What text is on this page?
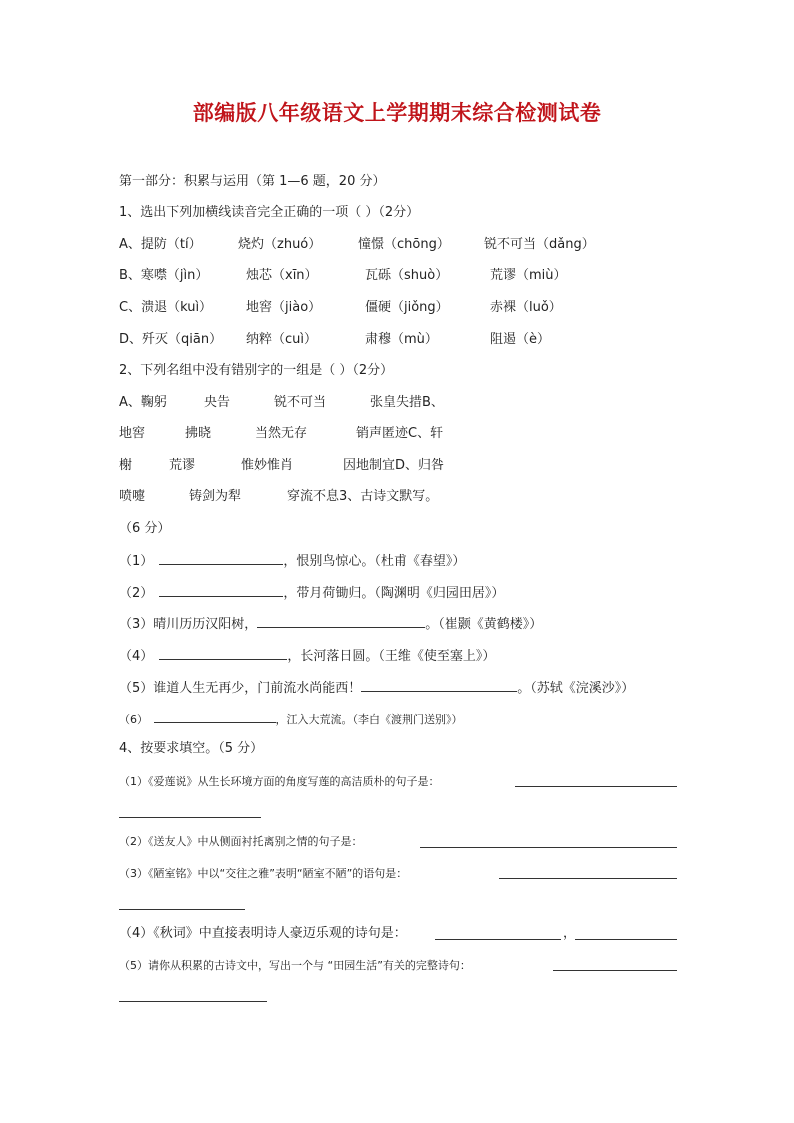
部编版八年级语文上学期期末综合检测试卷
第一部分：积累与运用（第 1—6 题，20 分）
1、选出下列加横线读音完全正确的一项（ ）（2分）
A、提防（tí）	烧灼（zhuó）	憧憬（chōng）	锐不可当（dǎng）
B、寒噤（jìn）	烛芯（xīn）	瓦砾（shuò）	荒谬（miù）
C、溃退（kuì）	地窖（jiào）	僵硬（jiǒng）	赤裸（luǒ）
D、歼灭（qiān） 纳粹（cuì）	肃穆（mù）	阻遏（è）
2、下列名组中没有错别字的一组是（ ）（2分）
A、鞠躬	央告	锐不可当	张皇失措B、
地窖	拂晓	当然无存	销声匿迹C、轩
榭	荒谬	惟妙惟肖	因地制宜D、归咎
喷嚏	铸剑为犁	穿流不息3、古诗文默写。
（6 分）
（1）	，恨别鸟惊心。（杜甫《春望》）
（2）	，带月荷锄归。（陶渊明《归园田居》）
（3）晴川历历汉阳树，	。（崔颢《黄鹤楼》）
（4）	，长河落日圆。（王维《使至塞上》）
（5）谁道人生无再少，门前流水尚能西！	。（苏轼《浣溪沙》）
（6）	，江入大荒流。（李白《渡荆门送别》）
4、按要求填空。（5 分）
（1）《爱莲说》从生长环境方面的角度写莲的高洁质朴的句子是：
（2）《送友人》中从侧面衬托离别之情的句子是：
（3）《陋室铭》中以“交往之雅”表明“陋室不陋”的语句是：
（4）《秋词》中直接表明诗人豪迈乐观的诗句是：	，
（5）请你从积累的古诗文中，写出一个与 “田园生活”有关的完整诗句：
